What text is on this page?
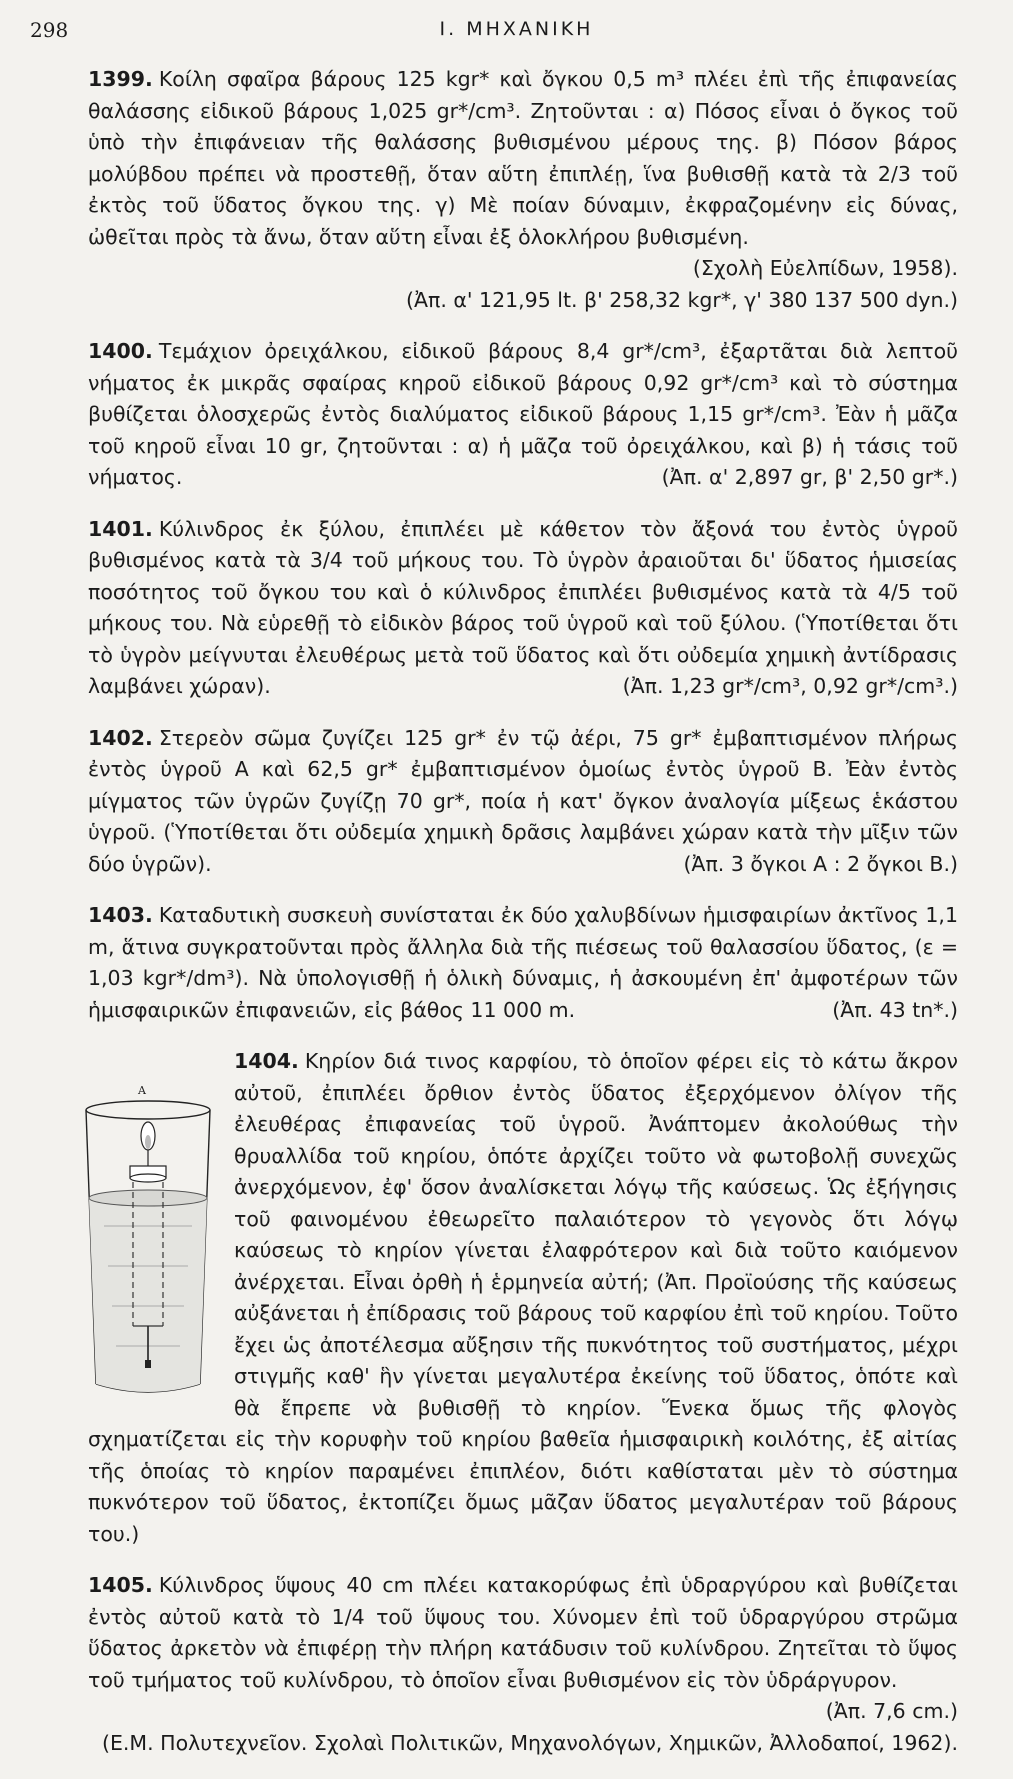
298	Ι. ΜΗΧΑΝΙΚΗ
1399. Κοίλη σφαῖρα βάρους 125 kgr* καὶ ὄγκου 0,5 m³ πλέει ἐπὶ τῆς ἐπιφανείας θαλάσσης εἰδικοῦ βάρους 1,025 gr*/cm³. Ζητοῦνται : α) Πόσος εἶναι ὁ ὄγκος τοῦ ὑπὸ τὴν ἐπιφάνειαν τῆς θαλάσσης βυθισμένου μέρους της. β) Πόσον βάρος μολύβδου πρέπει νὰ προστεθῇ, ὅταν αὕτη ἐπιπλέῃ, ἵνα βυθισθῇ κατὰ τὰ 2/3 τοῦ ἐκτὸς τοῦ ὕδατος ὄγκου της. γ) Μὲ ποίαν δύναμιν, ἐκφραζομένην εἰς δύνας, ὠθεῖται πρὸς τὰ ἄνω, ὅταν αὕτη εἶναι ἐξ ὁλοκλήρου βυθισμένη.
(Σχολὴ Εὐελπίδων, 1958).
(Ἀπ. α' 121,95 lt. β' 258,32 kgr*, γ' 380 137 500 dyn.)
1400. Τεμάχιον ὀρειχάλκου, εἰδικοῦ βάρους 8,4 gr*/cm³, ἐξαρτᾶται διὰ λεπτοῦ νήματος ἐκ μικρᾶς σφαίρας κηροῦ εἰδικοῦ βάρους 0,92 gr*/cm³ καὶ τὸ σύστημα βυθίζεται ὁλοσχερῶς ἐντὸς διαλύματος εἰδικοῦ βάρους 1,15 gr*/cm³. Ἐὰν ἡ μᾶζα τοῦ κηροῦ εἶναι 10 gr, ζητοῦνται : α) ἡ μᾶζα τοῦ ὀρειχάλκου, καὶ β) ἡ τάσις τοῦ νήματος.	(Ἀπ. α' 2,897 gr, β' 2,50 gr*.)
1401. Κύλινδρος ἐκ ξύλου, ἐπιπλέει μὲ κάθετον τὸν ἄξονά του ἐντὸς ὑγροῦ βυθισμένος κατὰ τὰ 3/4 τοῦ μήκους του. Τὸ ὑγρὸν ἀραιοῦται δι' ὕδατος ἡμισείας ποσότητος τοῦ ὄγκου του καὶ ὁ κύλινδρος ἐπιπλέει βυθισμένος κατὰ τὰ 4/5 τοῦ μήκους του. Νὰ εὑρεθῇ τὸ εἰδικὸν βάρος τοῦ ὑγροῦ καὶ τοῦ ξύλου. (Ὑποτίθεται ὅτι τὸ ὑγρὸν μείγνυται ἐλευθέρως μετὰ τοῦ ὕδατος καὶ ὅτι οὐδεμία χημικὴ ἀντίδρασις λαμβάνει χώραν).	(Ἀπ. 1,23 gr*/cm³, 0,92 gr*/cm³.)
1402. Στερεὸν σῶμα ζυγίζει 125 gr* ἐν τῷ ἀέρι, 75 gr* ἐμβαπτισμένον πλήρως ἐντὸς ὑγροῦ Α καὶ 62,5 gr* ἐμβαπτισμένον ὁμοίως ἐντὸς ὑγροῦ Β. Ἐὰν ἐντὸς μίγματος τῶν ὑγρῶν ζυγίζῃ 70 gr*, ποία ἡ κατ' ὄγκον ἀναλογία μίξεως ἑκάστου ὑγροῦ. (Ὑποτίθεται ὅτι οὐδεμία χημικὴ δρᾶσις λαμβάνει χώραν κατὰ τὴν μῖξιν τῶν δύο ὑγρῶν).	(Ἀπ. 3 ὄγκοι Α : 2 ὄγκοι Β.)
1403. Καταδυτικὴ συσκευὴ συνίσταται ἐκ δύο χαλυβδίνων ἡμισφαιρίων ἀκτῖνος 1,1 m, ἅτινα συγκρατοῦνται πρὸς ἄλληλα διὰ τῆς πιέσεως τοῦ θαλασσίου ὕδατος, (ε = 1,03 kgr*/dm³). Νὰ ὑπολογισθῇ ἡ ὁλικὴ δύναμις, ἡ ἀσκουμένη ἐπ' ἀμφοτέρων τῶν ἡμισφαιρικῶν ἐπιφανειῶν, εἰς βάθος 11 000 m.	(Ἀπ. 43 tn*.)
Α
1404. Κηρίον διά τινος καρφίου, τὸ ὁποῖον φέρει εἰς τὸ κάτω ἄκρον αὐτοῦ, ἐπιπλέει ὄρθιον ἐντὸς ὕδατος ἐξερχόμενον ὀλίγον τῆς ἐλευθέρας ἐπιφανείας τοῦ ὑγροῦ. Ἀνάπτομεν ἀκολούθως τὴν θρυαλλίδα τοῦ κηρίου, ὁπότε ἀρχίζει τοῦτο νὰ φωτοβολῇ συνεχῶς ἀνερχόμενον, ἐφ' ὅσον ἀναλίσκεται λόγῳ τῆς καύσεως. Ὡς ἐξήγησις τοῦ φαινομένου ἐθεωρεῖτο παλαιότερον τὸ γεγονὸς ὅτι λόγῳ καύσεως τὸ κηρίον γίνεται ἐλαφρότερον καὶ διὰ τοῦτο καιόμενον ἀνέρχεται. Εἶναι ὀρθὴ ἡ ἑρμηνεία αὐτή; (Ἀπ. Προϊούσης τῆς καύσεως αὐξάνεται ἡ ἐπίδρασις τοῦ βάρους τοῦ καρφίου ἐπὶ τοῦ κηρίου. Τοῦτο ἔχει ὡς ἀποτέλεσμα αὔξησιν τῆς πυκνότητος τοῦ συστήματος, μέχρι στιγμῆς καθ' ἣν γίνεται μεγαλυτέρα ἐκείνης τοῦ ὕδατος, ὁπότε καὶ θὰ ἔπρεπε νὰ βυθισθῇ τὸ κηρίον. Ἕνεκα ὅμως τῆς φλογὸς σχηματίζεται εἰς τὴν κορυφὴν τοῦ κηρίου βαθεῖα ἡμισφαιρικὴ κοιλότης, ἐξ αἰτίας τῆς ὁποίας τὸ κηρίον παραμένει ἐπιπλέον, διότι καθίσταται μὲν τὸ σύστημα πυκνότερον τοῦ ὕδατος, ἐκτοπίζει ὅμως μᾶζαν ὕδατος μεγαλυτέραν τοῦ βάρους του.)
1405. Κύλινδρος ὕψους 40 cm πλέει κατακορύφως ἐπὶ ὑδραργύρου καὶ βυθίζεται ἐντὸς αὐτοῦ κατὰ τὸ 1/4 τοῦ ὕψους του. Χύνομεν ἐπὶ τοῦ ὑδραργύρου στρῶμα ὕδατος ἀρκετὸν νὰ ἐπιφέρῃ τὴν πλήρη κατάδυσιν τοῦ κυλίνδρου. Ζητεῖται τὸ ὕψος τοῦ τμήματος τοῦ κυλίνδρου, τὸ ὁποῖον εἶναι βυθισμένον εἰς τὸν ὑδράργυρον.
(Ἀπ. 7,6 cm.)
(Ε.Μ. Πολυτεχνεῖον. Σχολαὶ Πολιτικῶν, Μηχανολόγων, Χημικῶν, Ἀλλοδαποί, 1962).
